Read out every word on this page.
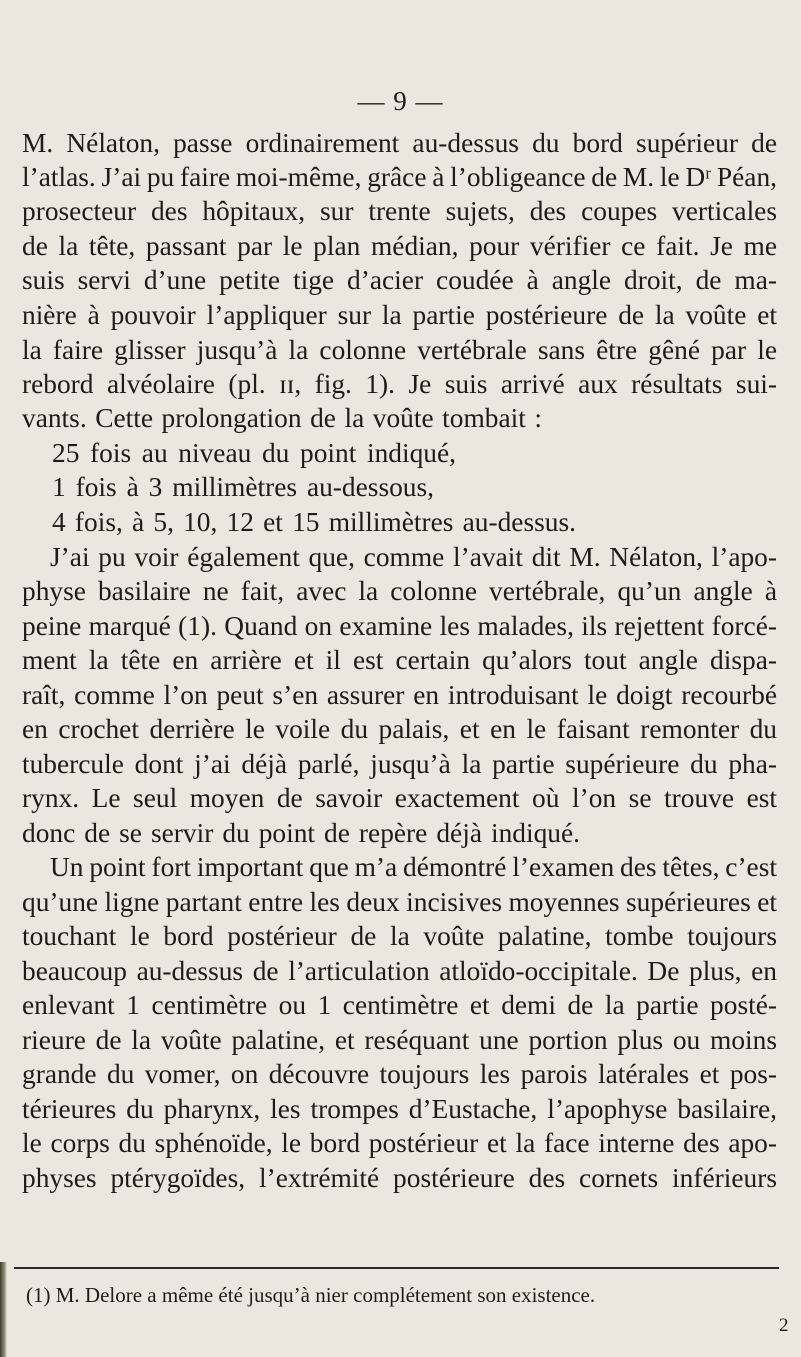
— 9 —
M. Nélaton, passe ordinairement au-dessus du bord supérieur de
l’atlas. J’ai pu faire moi-même, grâce à l’obligeance de M. le Dʳ Péan,
prosecteur des hôpitaux, sur trente sujets, des coupes verticales
de la tête, passant par le plan médian, pour vérifier ce fait. Je me
suis servi d’une petite tige d’acier coudée à angle droit, de ma-
nière à pouvoir l’appliquer sur la partie postérieure de la voûte et
la faire glisser jusqu’à la colonne vertébrale sans être gêné par le
rebord alvéolaire (pl. ɪɪ, fig. 1). Je suis arrivé aux résultats sui-
vants. Cette prolongation de la voûte tombait :
25 fois au niveau du point indiqué,
1 fois à 3 millimètres au-dessous,
4 fois, à 5, 10, 12 et 15 millimètres au-dessus.
J’ai pu voir également que, comme l’avait dit M. Nélaton, l’apo-
physe basilaire ne fait, avec la colonne vertébrale, qu’un angle à
peine marqué (1). Quand on examine les malades, ils rejettent forcé-
ment la tête en arrière et il est certain qu’alors tout angle dispa-
raît, comme l’on peut s’en assurer en introduisant le doigt recourbé
en crochet derrière le voile du palais, et en le faisant remonter du
tubercule dont j’ai déjà parlé, jusqu’à la partie supérieure du pha-
rynx. Le seul moyen de savoir exactement où l’on se trouve est
donc de se servir du point de repère déjà indiqué.
Un point fort important que m’a démontré l’examen des têtes, c’est
qu’une ligne partant entre les deux incisives moyennes supérieures et
touchant le bord postérieur de la voûte palatine, tombe toujours
beaucoup au-dessus de l’articulation atloïdo-occipitale. De plus, en
enlevant 1 centimètre ou 1 centimètre et demi de la partie posté-
rieure de la voûte palatine, et reséquant une portion plus ou moins
grande du vomer, on découvre toujours les parois latérales et pos-
térieures du pharynx, les trompes d’Eustache, l’apophyse basilaire,
le corps du sphénoïde, le bord postérieur et la face interne des apo-
physes ptérygoïdes, l’extrémité postérieure des cornets inférieurs
(1) M. Delore a même été jusqu’à nier complétement son existence.
2
